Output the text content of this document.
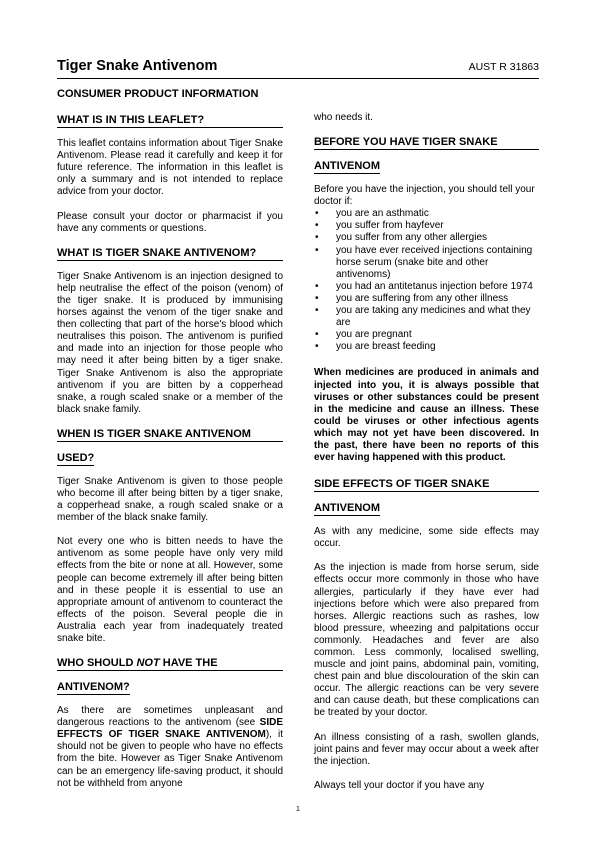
Tiger Snake Antivenom	AUST R 31863
CONSUMER PRODUCT INFORMATION
WHAT IS IN THIS LEAFLET?

This leaflet contains information about Tiger Snake Antivenom. Please read it carefully and keep it for future reference. The information in this leaflet is only a summary and is not intended to replace advice from your doctor.

Please consult your doctor or pharmacist if you have any comments or questions.

WHAT IS TIGER SNAKE ANTIVENOM?

Tiger Snake Antivenom is an injection designed to help neutralise the effect of the poison (venom) of the tiger snake. It is produced by immunising horses against the venom of the tiger snake and then collecting that part of the horse's blood which neutralises this poison. The antivenom is purified and made into an injection for those people who may need it after being bitten by a tiger snake. Tiger Snake Antivenom is also the appropriate antivenom if you are bitten by a copperhead snake, a rough scaled snake or a member of the black snake family.

WHEN IS TIGER SNAKE ANTIVENOM
USED?

Tiger Snake Antivenom is given to those people who become ill after being bitten by a tiger snake, a copperhead snake, a rough scaled snake or a member of the black snake family.

Not every one who is bitten needs to have the antivenom as some people have only very mild effects from the bite or none at all. However, some people can become extremely ill after being bitten and in these people it is essential to use an appropriate amount of antivenom to counteract the effects of the poison. Several people die in Australia each year from inadequately treated snake bite.

WHO SHOULD NOT HAVE THE
ANTIVENOM?

As there are sometimes unpleasant and dangerous reactions to the antivenom (see SIDE EFFECTS OF TIGER SNAKE ANTIVENOM), it should not be given to people who have no effects from the bite. However as Tiger Snake Antivenom can be an emergency life-saving product, it should not be withheld from anyone

who needs it.

BEFORE YOU HAVE TIGER SNAKE
ANTIVENOM

Before you have the injection, you should tell your doctor if:

• you are an asthmatic
• you suffer from hayfever
• you suffer from any other allergies
• you have ever received injections containing horse serum (snake bite and other antivenoms)
• you had an antitetanus injection before 1974
• you are suffering from any other illness
• you are taking any medicines and what they are
• you are pregnant
• you are breast feeding

When medicines are produced in animals and injected into you, it is always possible that viruses or other substances could be present in the medicine and cause an illness. These could be viruses or other infectious agents which may not yet have been discovered. In the past, there have been no reports of this ever having happened with this product.

SIDE EFFECTS OF TIGER SNAKE
ANTIVENOM

As with any medicine, some side effects may occur.

As the injection is made from horse serum, side effects occur more commonly in those who have allergies, particularly if they have ever had injections before which were also prepared from horses. Allergic reactions such as rashes, low blood pressure, wheezing and palpitations occur commonly. Headaches and fever are also common. Less commonly, localised swelling, muscle and joint pains, abdominal pain, vomiting, chest pain and blue discolouration of the skin can occur. The allergic reactions can be very severe and can cause death, but these complications can be treated by your doctor.

An illness consisting of a rash, swollen glands, joint pains and fever may occur about a week after the injection.

Always tell your doctor if you have any

1
